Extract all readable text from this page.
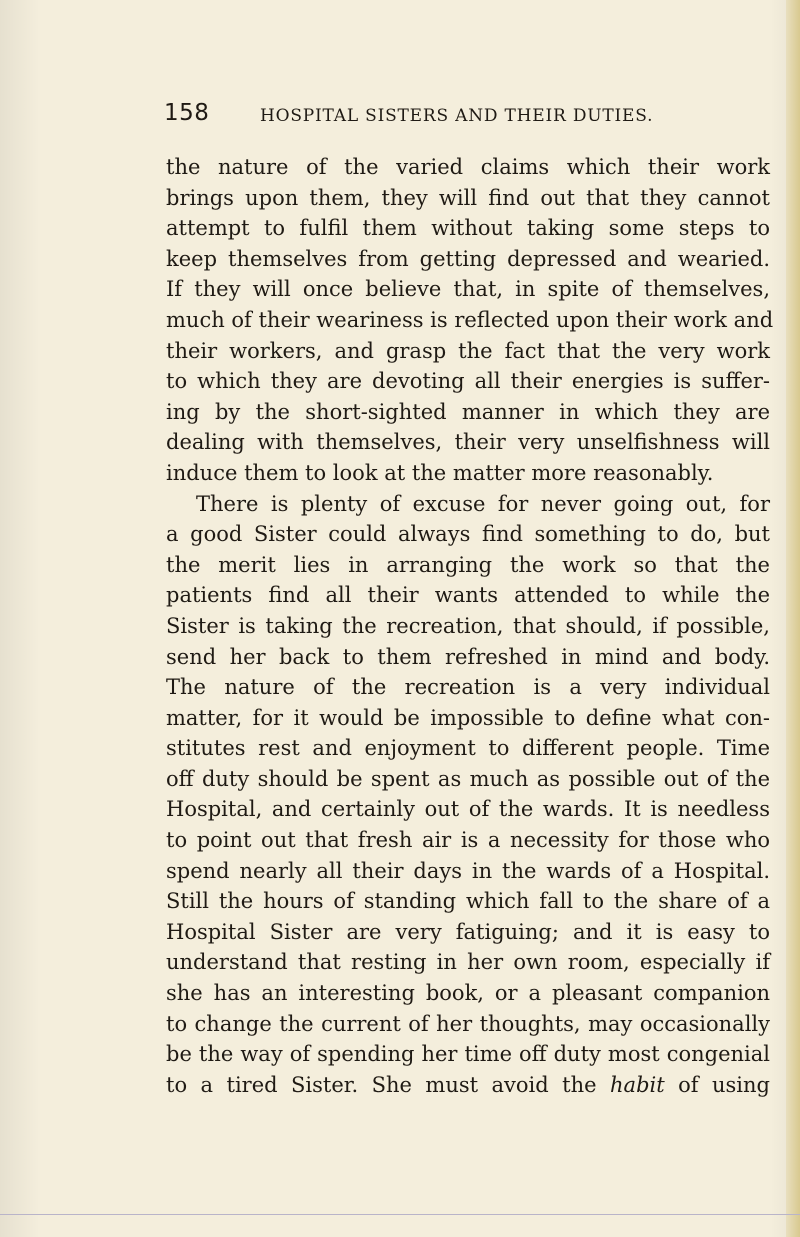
158	HOSPITAL SISTERS AND THEIR DUTIES.
the nature of the varied claims which their work
brings upon them, they will find out that they cannot
attempt to fulfil them without taking some steps to
keep themselves from getting depressed and wearied.
If they will once believe that, in spite of themselves,
much of their weariness is reflected upon their work and
their workers, and grasp the fact that the very work
to which they are devoting all their energies is suffer-
ing by the short-sighted manner in which they are
dealing with themselves, their very unselfishness will
induce them to look at the matter more reasonably.
There is plenty of excuse for never going out, for
a good Sister could always find something to do, but
the merit lies in arranging the work so that the
patients find all their wants attended to while the
Sister is taking the recreation, that should, if possible,
send her back to them refreshed in mind and body.
The nature of the recreation is a very individual
matter, for it would be impossible to define what con-
stitutes rest and enjoyment to different people. Time
off duty should be spent as much as possible out of the
Hospital, and certainly out of the wards. It is needless
to point out that fresh air is a necessity for those who
spend nearly all their days in the wards of a Hospital.
Still the hours of standing which fall to the share of a
Hospital Sister are very fatiguing; and it is easy to
understand that resting in her own room, especially if
she has an interesting book, or a pleasant companion
to change the current of her thoughts, may occasionally
be the way of spending her time off duty most congenial
to a tired Sister. She must avoid the habit of using
